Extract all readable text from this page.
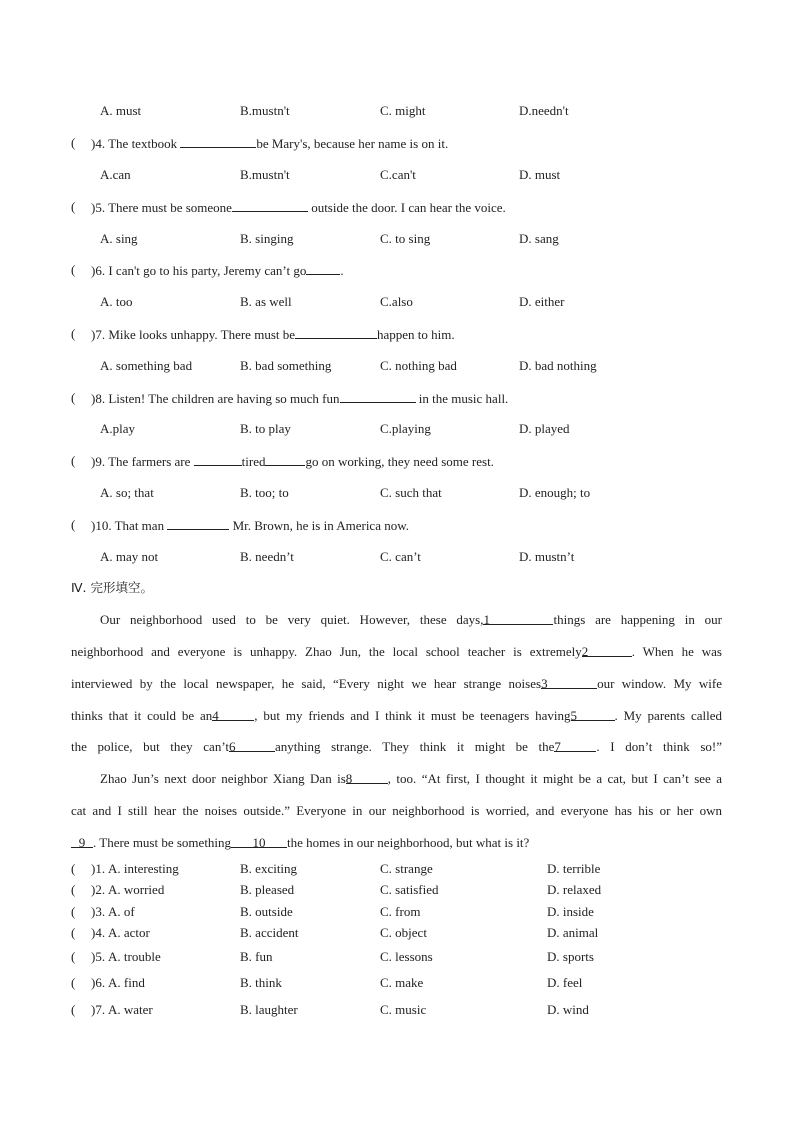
A. must	B.mustn't	C. might	D.needn't
( )4. The textbook	be Mary's, because her name is on it.
A.can	B.mustn't	C.can't	D. must
( )5. There must be someone	outside the door. I can hear the voice.
A. sing	B. singing	C. to sing	D. sang
( )6. I can't go to his party, Jeremy can’t go	.
A. too	B. as well	C.also	D. either
( )7. Mike looks unhappy. There must be	happen to him.
A. something bad	B. bad something	C. nothing bad	D. bad nothing
( )8. Listen! The children are having so much fun	in the music hall.
A.play	B. to play	C.playing	D. played
( )9. The farmers are	tired	go on working, they need some rest.
A. so; that	B. too; to	C. such that	D. enough; to
( )10. That man	Mr. Brown, he is in America now.
A. may not	B. needn’t	C. can’t	D. mustn’t
Ⅳ. 完形填空。
Our neighborhood used to be very quiet. However, these days,1	things are happening in our
neighborhood and everyone is unhappy. Zhao Jun, the local school teacher is extremely2	. When he was
interviewed by the local newspaper, he said, “Every night we hear strange noises3	our window. My wife
thinks that it could be an4	, but my friends and I think it must be teenagers having5	. My parents called
the police, but they can’t6	anything strange. They think it might be the7	. I don’t think so!”
Zhao Jun’s next door neighbor Xiang Dan is8	, too. “At first, I thought it might be a cat, but I can’t see a
cat and I still hear the noises outside.” Everyone in our neighborhood is worried, and everyone has his or her own
9 . There must be something 10 the homes in our neighborhood, but what is it?
( )1. A. interesting	B. exciting	C. strange	D. terrible
( )2. A. worried	B. pleased	C. satisfied	D. relaxed
( )3. A. of	B. outside	C. from	D. inside
( )4. A. actor	B. accident	C. object	D. animal
( )5. A. trouble	B. fun	C. lessons	D. sports
( )6. A. find	B. think	C. make	D. feel
( )7. A. water	B. laughter	C. music	D. wind
